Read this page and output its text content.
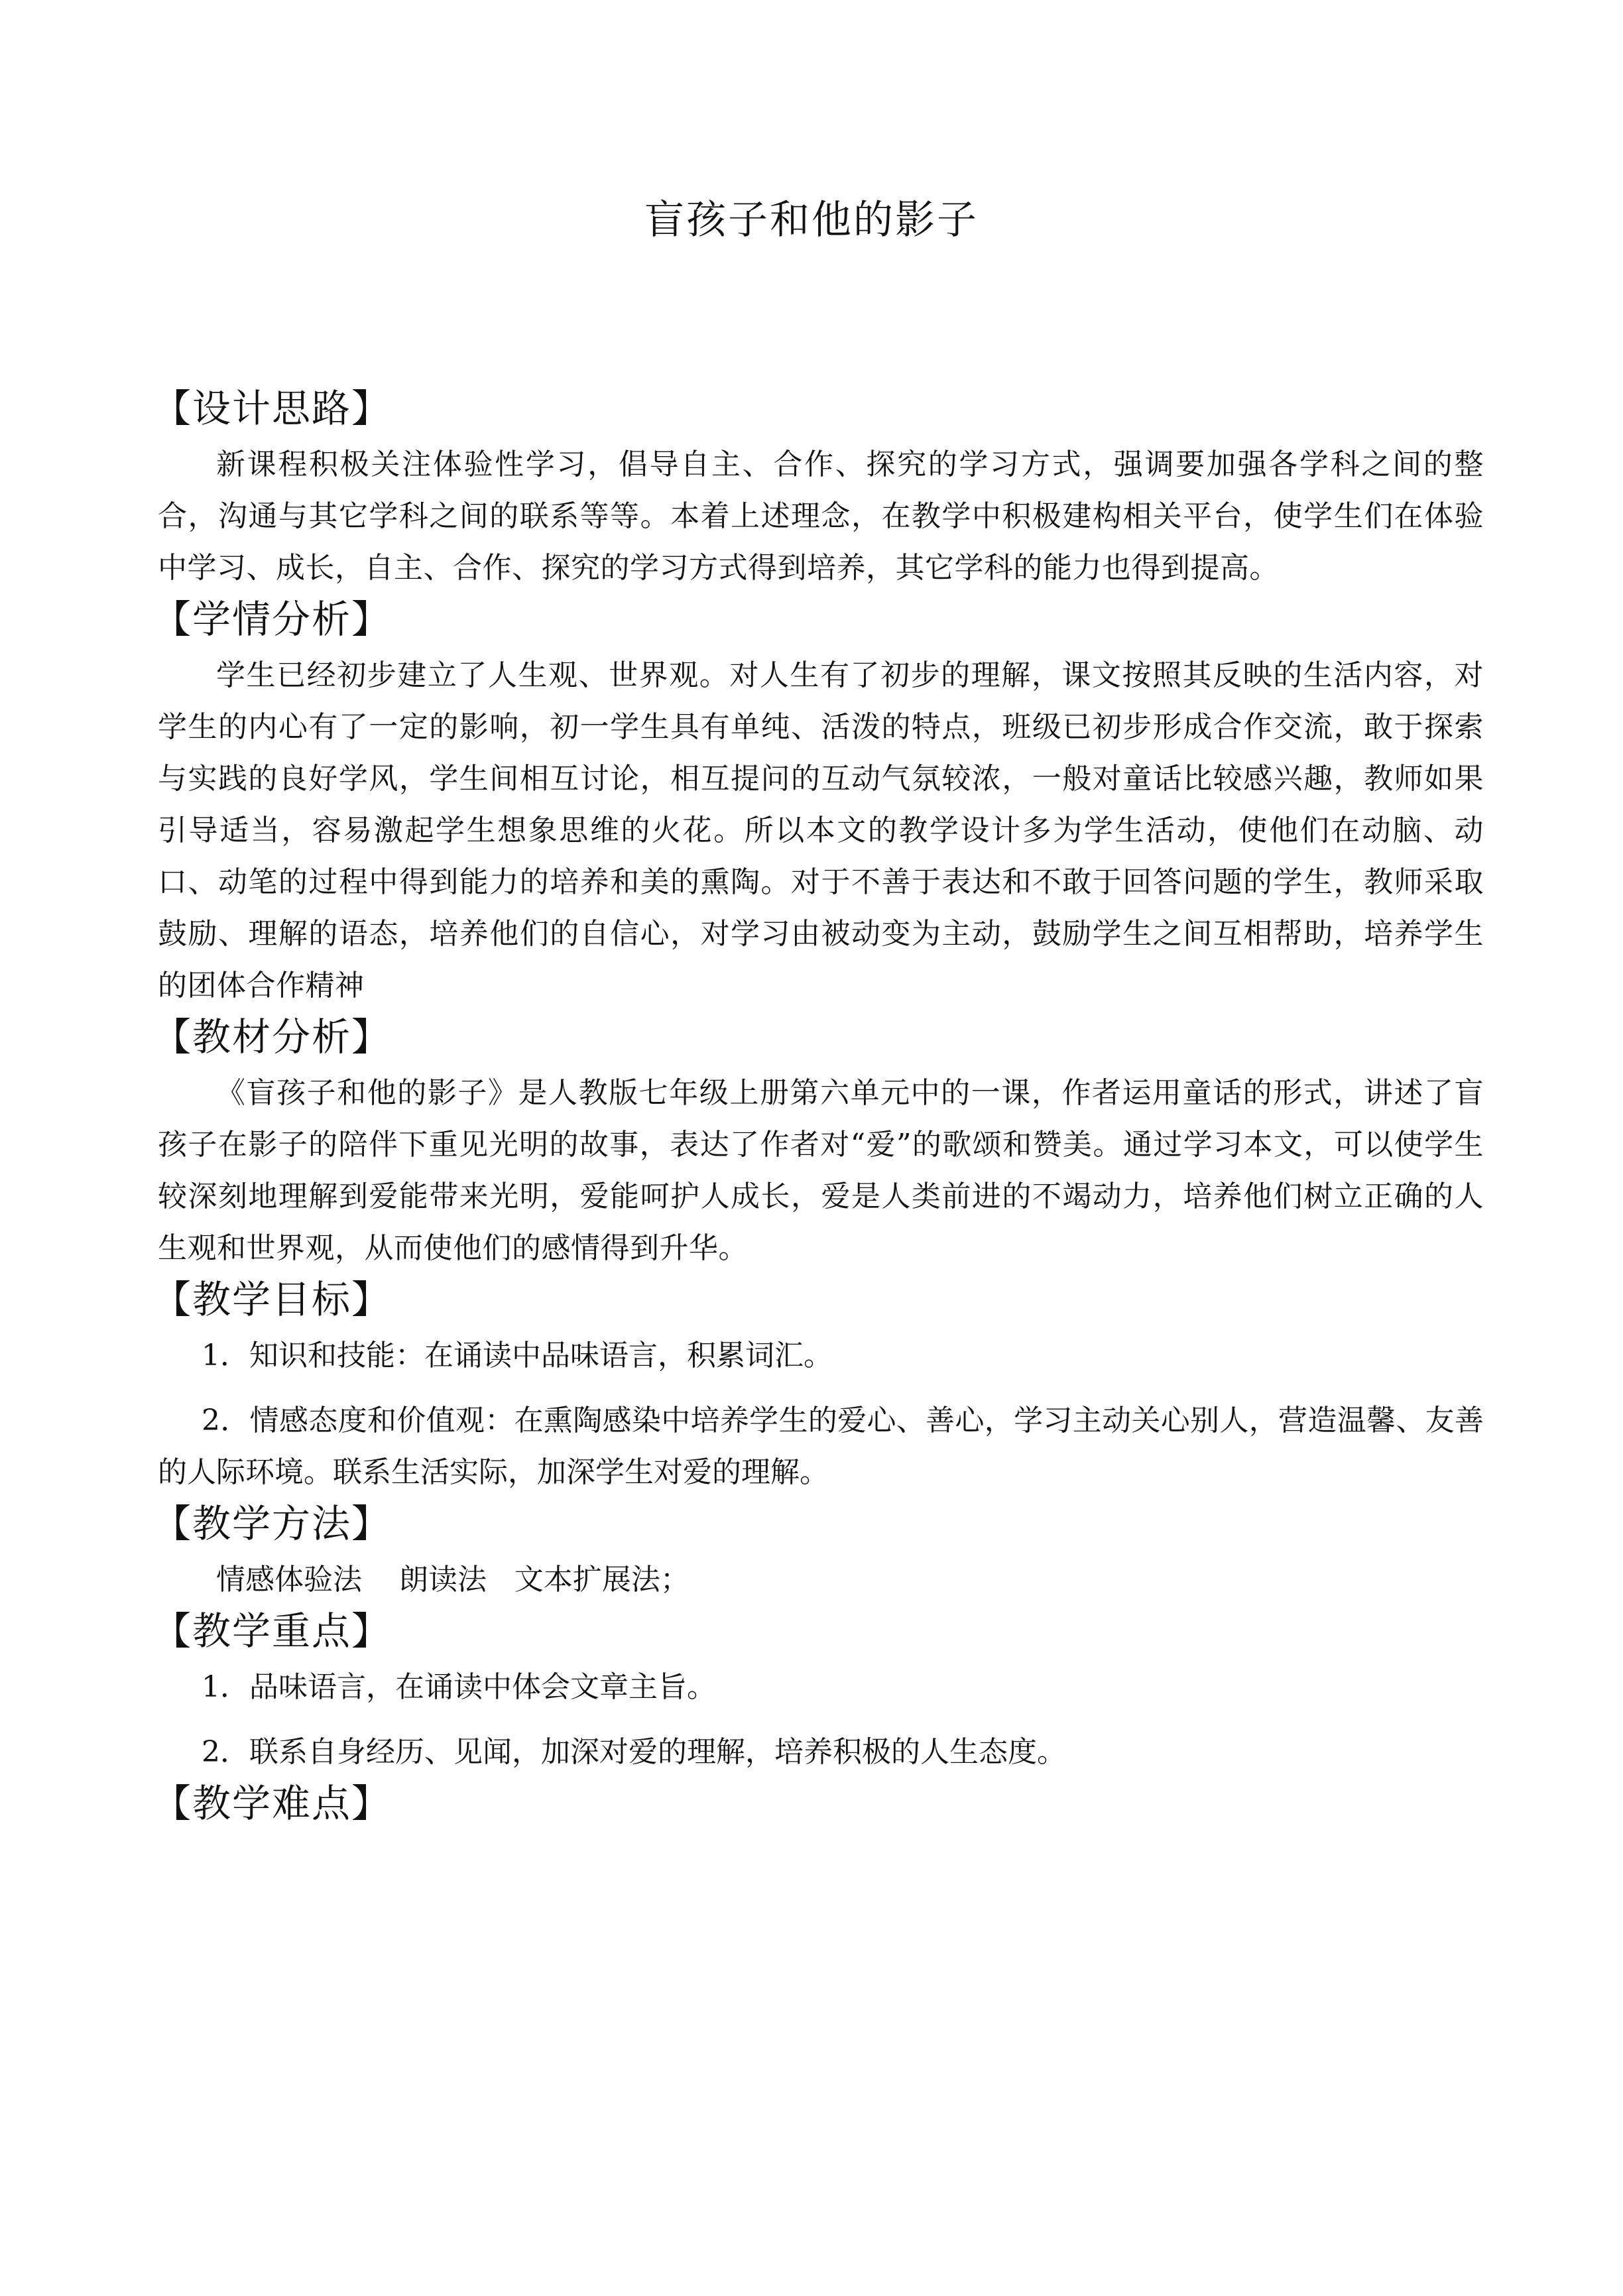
盲孩子和他的影子
【设计思路】

新课程积极关注体验性学习，倡导自主、合作、探究的学习方式，强调要加强各学科之间的整合，沟通与其它学科之间的联系等等。本着上述理念，在教学中积极建构相关平台，使学生们在体验中学习、成长，自主、合作、探究的学习方式得到培养，其它学科的能力也得到提高。

【学情分析】

学生已经初步建立了人生观、世界观。对人生有了初步的理解，课文按照其反映的生活内容，对学生的内心有了一定的影响，初一学生具有单纯、活泼的特点，班级已初步形成合作交流，敢于探索与实践的良好学风，学生间相互讨论，相互提问的互动气氛较浓，一般对童话比较感兴趣，教师如果引导适当，容易激起学生想象思维的火花。所以本文的教学设计多为学生活动，使他们在动脑、动口、动笔的过程中得到能力的培养和美的熏陶。对于不善于表达和不敢于回答问题的学生，教师采取鼓励、理解的语态，培养他们的自信心，对学习由被动变为主动，鼓励学生之间互相帮助，培养学生的团体合作精神

【教材分析】

《盲孩子和他的影子》是人教版七年级上册第六单元中的一课，作者运用童话的形式，讲述了盲孩子在影子的陪伴下重见光明的故事，表达了作者对“爱”的歌颂和赞美。通过学习本文，可以使学生较深刻地理解到爱能带来光明，爱能呵护人成长，爱是人类前进的不竭动力，培养他们树立正确的人生观和世界观，从而使他们的感情得到升华。

【教学目标】

1．知识和技能：在诵读中品味语言，积累词汇。

2．情感态度和价值观：在熏陶感染中培养学生的爱心、善心，学习主动关心别人，营造温馨、友善的人际环境。联系生活实际，加深学生对爱的理解。

【教学方法】

情感体验法    朗读法   文本扩展法；

【教学重点】

1．品味语言，在诵读中体会文章主旨。

2．联系自身经历、见闻，加深对爱的理解，培养积极的人生态度。

【教学难点】
